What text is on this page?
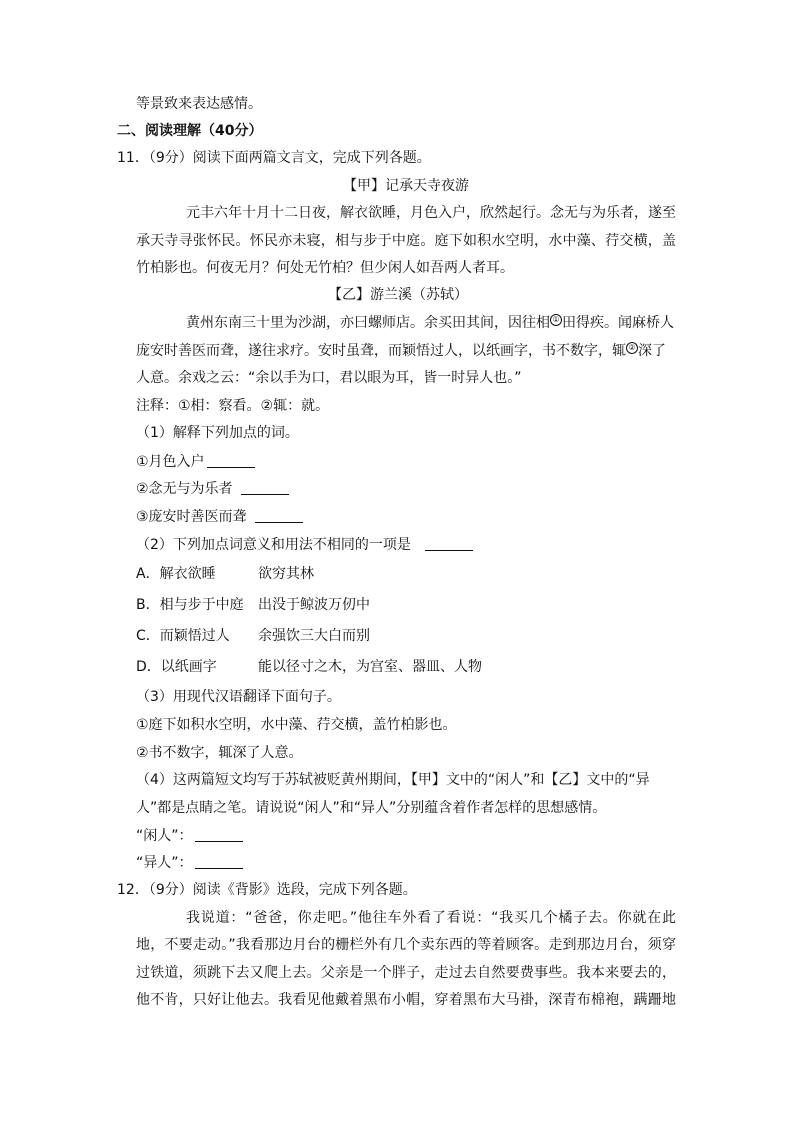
等景致来表达感情。
二、阅读理解（40分）
11．（9分）阅读下面两篇文言文，完成下列各题。
【甲】记承天寺夜游
元丰六年十月十二日夜，解衣欲睡，月色入户，欣然起行。念无与为乐者，遂至
承天寺寻张怀民。怀民亦未寝，相与步于中庭。庭下如积水空明，水中藻、荇交横，盖
竹柏影也。何夜无月？何处无竹柏？但少闲人如吾两人者耳。
【乙】游兰溪（苏轼）
黄州东南三十里为沙湖，亦曰螺师店。余买田其间，因往相 ① 田得疾。闻麻桥人
庞安时善医而聋，遂往求疗。安时虽聋，而颖悟过人，以纸画字，书不数字，辄 ② 深了
人意。余戏之云：“余以手为口，君以眼为耳，皆一时异人也。”
注释：①相：察看。②辄：就。
（1）解释下列加点的词。
①月色入户
②念无与为乐者
③庞安时善医而聋
（2）下列加点词意义和用法不相同的一项是
A．解衣欲睡	欲穷其林
B．相与步于中庭 出没于鲸波万仞中
C．而颖悟过人 余强饮三大白而别
D．以纸画字	能以径寸之木，为宫室、器皿、人物
（3）用现代汉语翻译下面句子。
①庭下如积水空明，水中藻、荇交横，盖竹柏影也。
②书不数字，辄深了人意。
（4）这两篇短文均写于苏轼被贬黄州期间，【甲】文中的“闲人”和【乙】文中的“异
人”都是点睛之笔。请说说“闲人”和“异人”分别蕴含着作者怎样的思想感情。
“闲人”：
“异人”：
12．（9分）阅读《背影》选段，完成下列各题。
我说道：“爸爸，你走吧。”他往车外看了看说：“我买几个橘子去。你就在此
地，不要走动。”我看那边月台的栅栏外有几个卖东西的等着顾客。走到那边月台，须穿
过铁道，须跳下去又爬上去。父亲是一个胖子，走过去自然要费事些。我本来要去的，
他不肯，只好让他去。我看见他戴着黑布小帽，穿着黑布大马褂，深青布棉袍，蹒跚地
